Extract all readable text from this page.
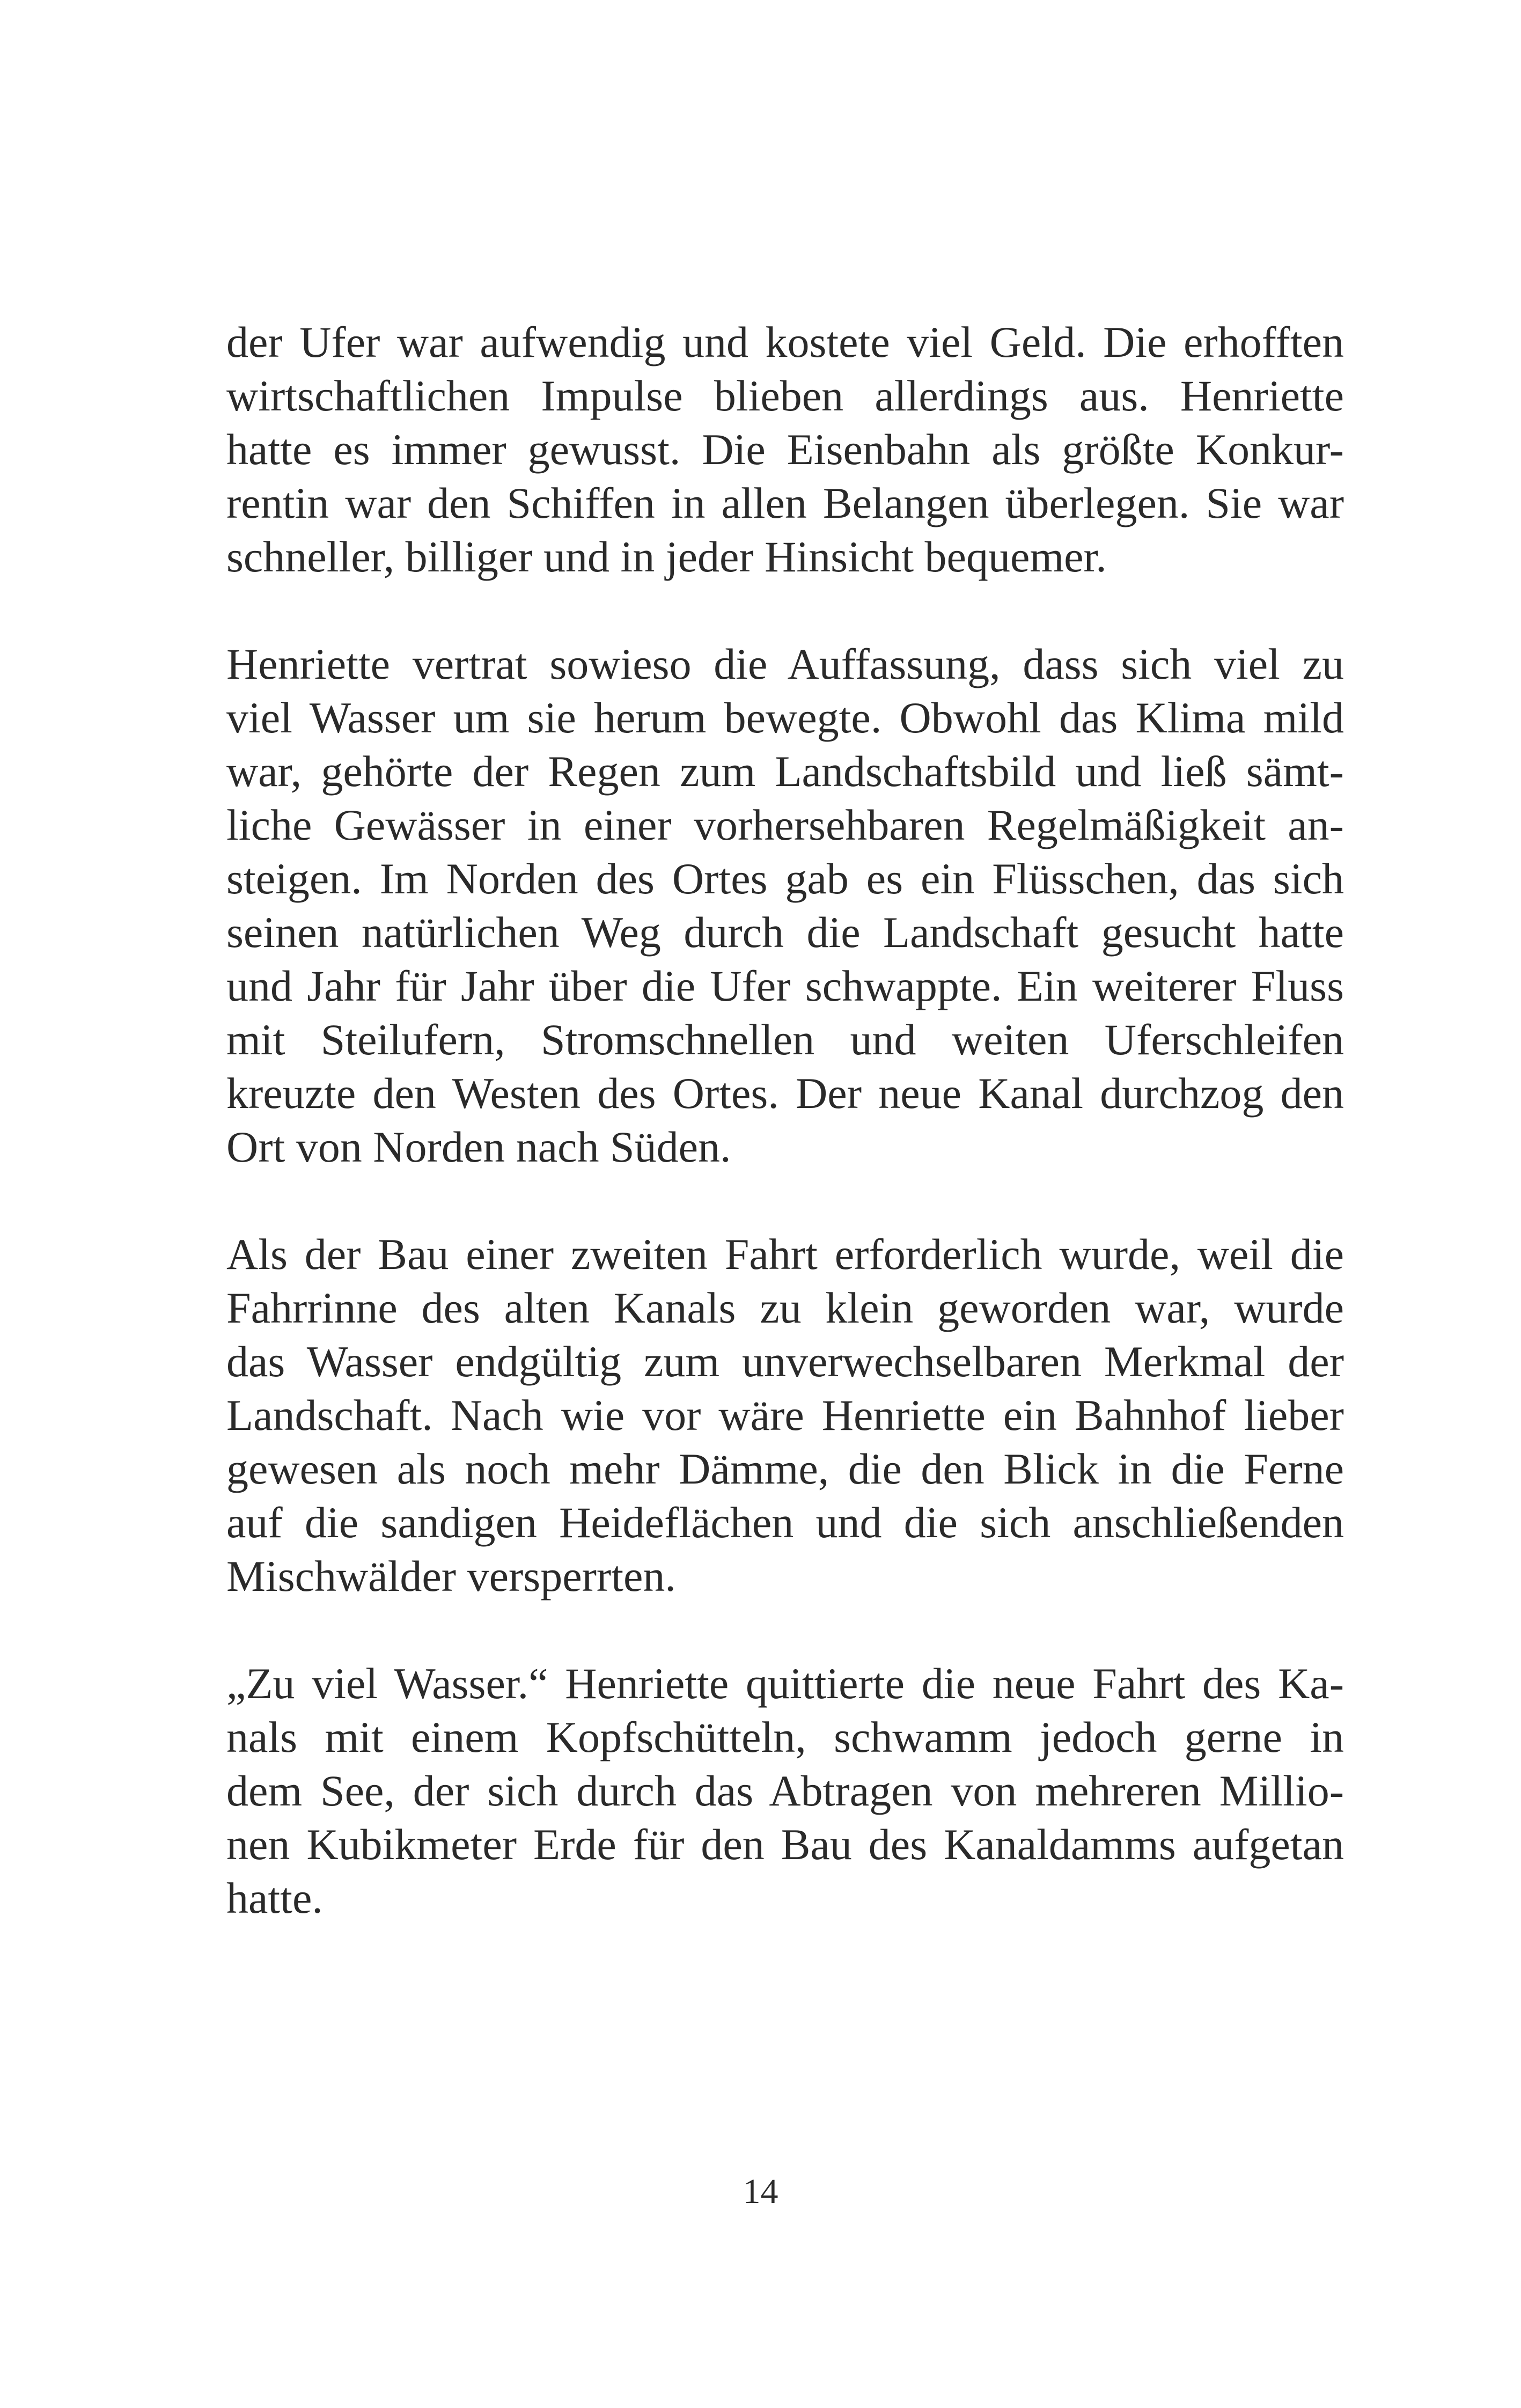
der Ufer war aufwendig und kostete viel Geld. Die erhofften
wirtschaftlichen Impulse blieben allerdings aus. Henriette
hatte es immer gewusst. Die Eisenbahn als größte Konkur-
rentin war den Schiffen in allen Belangen überlegen. Sie war
schneller, billiger und in jeder Hinsicht bequemer.

Henriette vertrat sowieso die Auffassung, dass sich viel zu
viel Wasser um sie herum bewegte. Obwohl das Klima mild
war, gehörte der Regen zum Landschaftsbild und ließ sämt-
liche Gewässer in einer vorhersehbaren Regelmäßigkeit an-
steigen. Im Norden des Ortes gab es ein Flüsschen, das sich
seinen natürlichen Weg durch die Landschaft gesucht hatte
und Jahr für Jahr über die Ufer schwappte. Ein weiterer Fluss
mit Steilufern, Stromschnellen und weiten Uferschleifen
kreuzte den Westen des Ortes. Der neue Kanal durchzog den
Ort von Norden nach Süden.

Als der Bau einer zweiten Fahrt erforderlich wurde, weil die
Fahrrinne des alten Kanals zu klein geworden war, wurde
das Wasser endgültig zum unverwechselbaren Merkmal der
Landschaft. Nach wie vor wäre Henriette ein Bahnhof lieber
gewesen als noch mehr Dämme, die den Blick in die Ferne
auf die sandigen Heideflächen und die sich anschließenden
Mischwälder versperrten.

„Zu viel Wasser.“ Henriette quittierte die neue Fahrt des Ka-
nals mit einem Kopfschütteln, schwamm jedoch gerne in
dem See, der sich durch das Abtragen von mehreren Millio-
nen Kubikmeter Erde für den Bau des Kanaldamms aufgetan
hatte.

14
